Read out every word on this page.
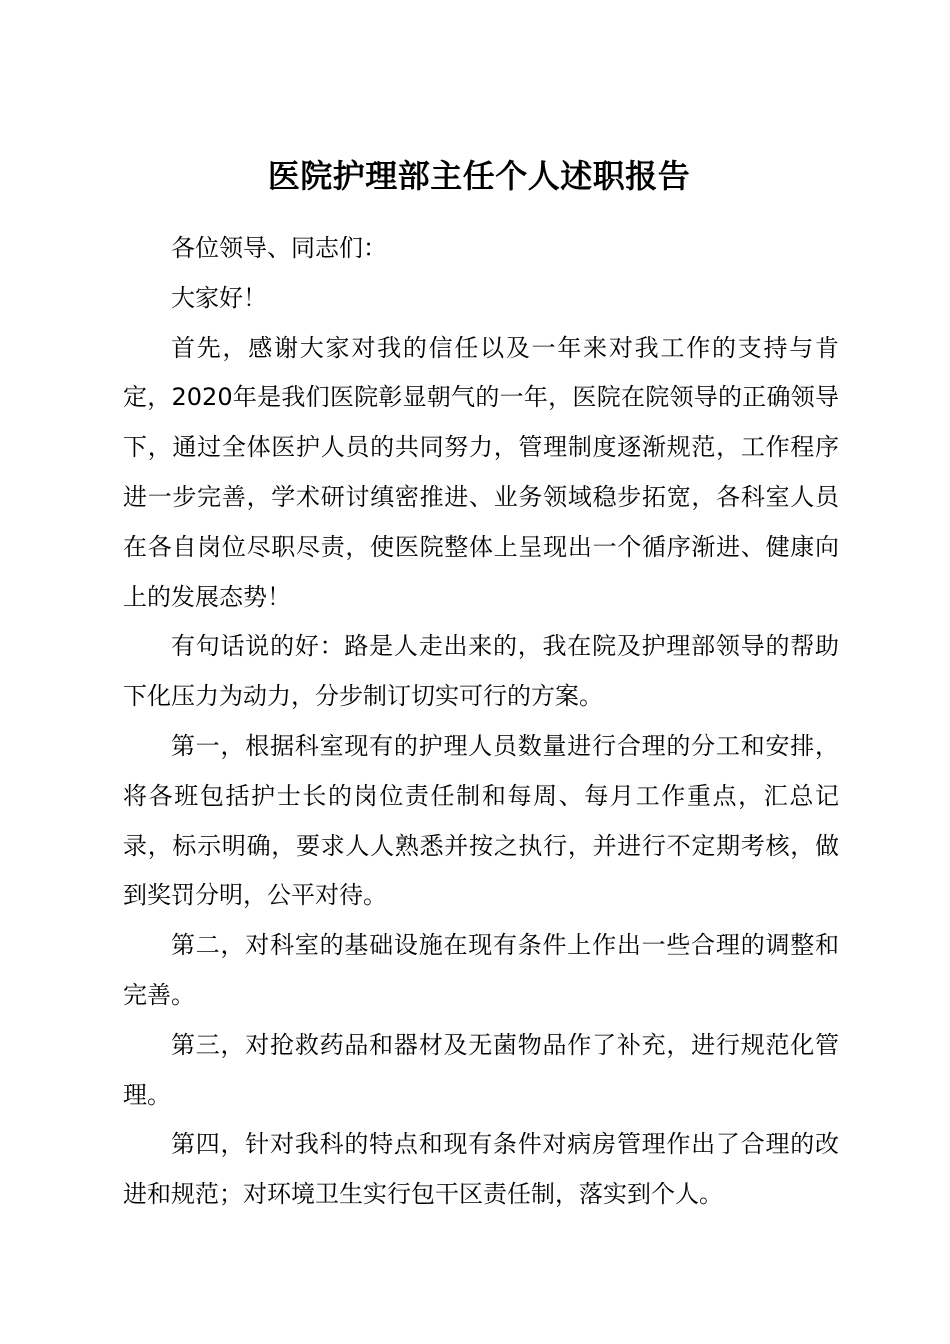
医院护理部主任个人述职报告

各位领导、同志们：

大家好！

首先，感谢大家对我的信任以及一年来对我工作的支持与肯定，2020年是我们医院彰显朝气的一年，医院在院领导的正确领导下，通过全体医护人员的共同努力，管理制度逐渐规范，工作程序进一步完善，学术研讨缜密推进、业务领域稳步拓宽，各科室人员在各自岗位尽职尽责，使医院整体上呈现出一个循序渐进、健康向上的发展态势！

有句话说的好：路是人走出来的，我在院及护理部领导的帮助下化压力为动力，分步制订切实可行的方案。

第一，根据科室现有的护理人员数量进行合理的分工和安排，将各班包括护士长的岗位责任制和每周、每月工作重点，汇总记录，标示明确，要求人人熟悉并按之执行，并进行不定期考核，做到奖罚分明，公平对待。

第二，对科室的基础设施在现有条件上作出一些合理的调整和完善。

第三，对抢救药品和器材及无菌物品作了补充，进行规范化管理。

第四，针对我科的特点和现有条件对病房管理作出了合理的改进和规范；对环境卫生实行包干区责任制，落实到个人。
